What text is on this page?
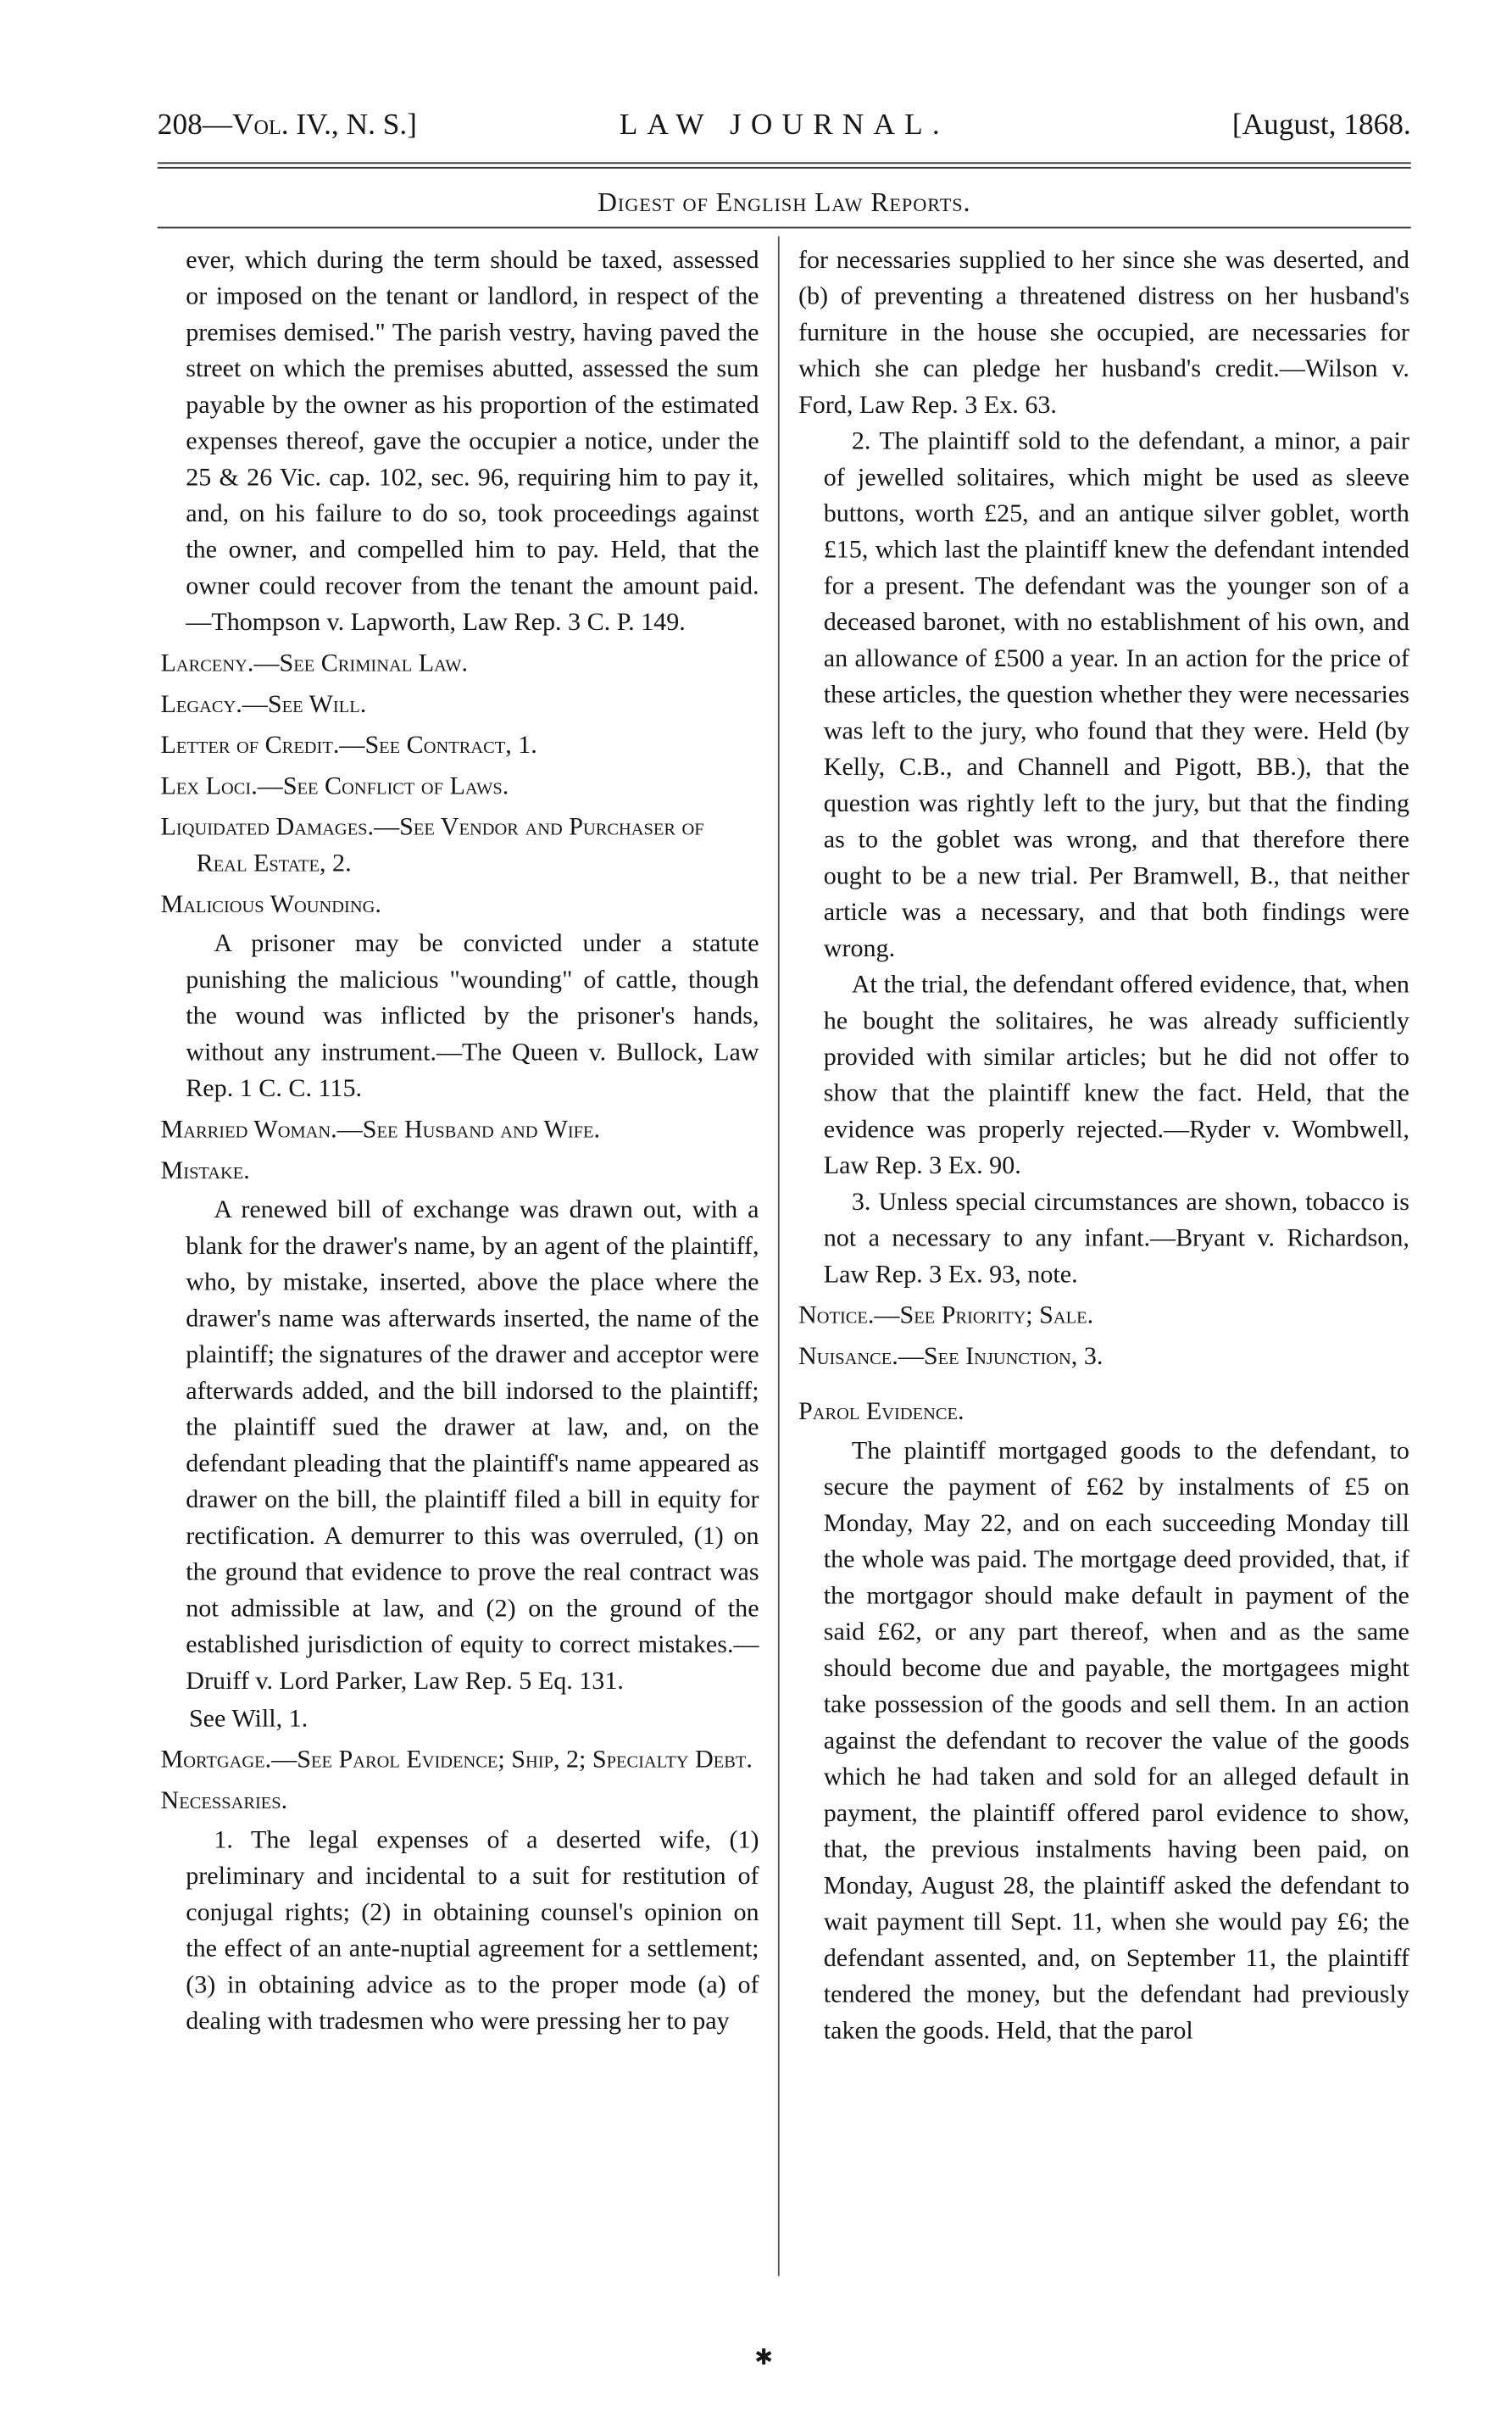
208—Vol. IV., N. S.]	LAW JOURNAL.	[August, 1868.
Digest of English Law Reports.
ever, which during the term should be taxed, assessed or imposed on the tenant or landlord, in respect of the premises demised." The parish vestry, having paved the street on which the premises abutted, assessed the sum payable by the owner as his proportion of the estimated expenses thereof, gave the occupier a notice, under the 25 & 26 Vic. cap. 102, sec. 96, requiring him to pay it, and, on his failure to do so, took proceedings against the owner, and compelled him to pay. Held, that the owner could recover from the tenant the amount paid.—Thompson v. Lapworth, Law Rep. 3 C. P. 149.
Larceny.—See Criminal Law.
Legacy.—See Will.
Letter of Credit.—See Contract, 1.
Lex Loci.—See Conflict of Laws.
Liquidated Damages.—See Vendor and Purchaser of Real Estate, 2.
Malicious Wounding.
A prisoner may be convicted under a statute punishing the malicious "wounding" of cattle, though the wound was inflicted by the prisoner's hands, without any instrument.—The Queen v. Bullock, Law Rep. 1 C. C. 115.
Married Woman.—See Husband and Wife.
Mistake.
A renewed bill of exchange was drawn out, with a blank for the drawer's name, by an agent of the plaintiff, who, by mistake, inserted, above the place where the drawer's name was afterwards inserted, the name of the plaintiff; the signatures of the drawer and acceptor were afterwards added, and the bill indorsed to the plaintiff; the plaintiff sued the drawer at law, and, on the defendant pleading that the plaintiff's name appeared as drawer on the bill, the plaintiff filed a bill in equity for rectification. A demurrer to this was overruled, (1) on the ground that evidence to prove the real contract was not admissible at law, and (2) on the ground of the established jurisdiction of equity to correct mistakes.—Druiff v. Lord Parker, Law Rep. 5 Eq. 131.
See Will, 1.
Mortgage.—See Parol Evidence; Ship, 2; Specialty Debt.
Necessaries.
1. The legal expenses of a deserted wife, (1) preliminary and incidental to a suit for restitution of conjugal rights; (2) in obtaining counsel's opinion on the effect of an ante-nuptial agreement for a settlement; (3) in obtaining advice as to the proper mode (a) of dealing with tradesmen who were pressing her to pay
for necessaries supplied to her since she was deserted, and (b) of preventing a threatened distress on her husband's furniture in the house she occupied, are necessaries for which she can pledge her husband's credit.—Wilson v. Ford, Law Rep. 3 Ex. 63.
2. The plaintiff sold to the defendant, a minor, a pair of jewelled solitaires, which might be used as sleeve buttons, worth £25, and an antique silver goblet, worth £15, which last the plaintiff knew the defendant intended for a present. The defendant was the younger son of a deceased baronet, with no establishment of his own, and an allowance of £500 a year. In an action for the price of these articles, the question whether they were necessaries was left to the jury, who found that they were. Held (by Kelly, C.B., and Channell and Pigott, BB.), that the question was rightly left to the jury, but that the finding as to the goblet was wrong, and that therefore there ought to be a new trial. Per Bramwell, B., that neither article was a necessary, and that both findings were wrong.
At the trial, the defendant offered evidence, that, when he bought the solitaires, he was already sufficiently provided with similar articles; but he did not offer to show that the plaintiff knew the fact. Held, that the evidence was properly rejected.—Ryder v. Wombwell, Law Rep. 3 Ex. 90.
3. Unless special circumstances are shown, tobacco is not a necessary to any infant.—Bryant v. Richardson, Law Rep. 3 Ex. 93, note.
Notice.—See Priority; Sale.
Nuisance.—See Injunction, 3.
Parol Evidence.
The plaintiff mortgaged goods to the defendant, to secure the payment of £62 by instalments of £5 on Monday, May 22, and on each succeeding Monday till the whole was paid. The mortgage deed provided, that, if the mortgagor should make default in payment of the said £62, or any part thereof, when and as the same should become due and payable, the mortgagees might take possession of the goods and sell them. In an action against the defendant to recover the value of the goods which he had taken and sold for an alleged default in payment, the plaintiff offered parol evidence to show, that, the previous instalments having been paid, on Monday, August 28, the plaintiff asked the defendant to wait payment till Sept. 11, when she would pay £6; the defendant assented, and, on September 11, the plaintiff tendered the money, but the defendant had previously taken the goods. Held, that the parol
✱
